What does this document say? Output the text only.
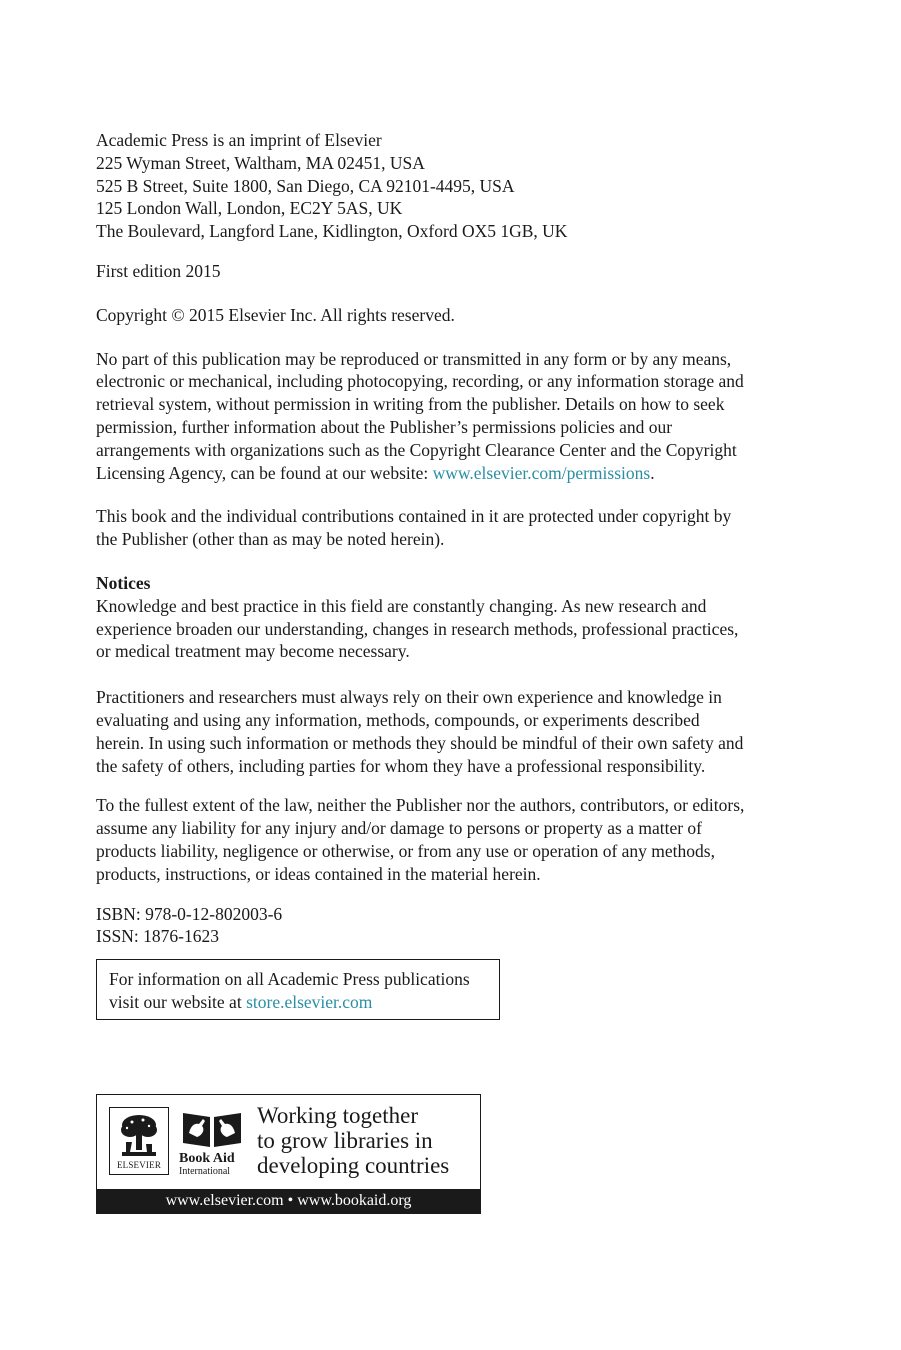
Academic Press is an imprint of Elsevier
225 Wyman Street, Waltham, MA 02451, USA
525 B Street, Suite 1800, San Diego, CA 92101-4495, USA
125 London Wall, London, EC2Y 5AS, UK
The Boulevard, Langford Lane, Kidlington, Oxford OX5 1GB, UK
First edition 2015
Copyright © 2015 Elsevier Inc. All rights reserved.
No part of this publication may be reproduced or transmitted in any form or by any means,
electronic or mechanical, including photocopying, recording, or any information storage and
retrieval system, without permission in writing from the publisher. Details on how to seek
permission, further information about the Publisher’s permissions policies and our
arrangements with organizations such as the Copyright Clearance Center and the Copyright
Licensing Agency, can be found at our website: www.elsevier.com/permissions.
This book and the individual contributions contained in it are protected under copyright by
the Publisher (other than as may be noted herein).
Notices
Knowledge and best practice in this field are constantly changing. As new research and
experience broaden our understanding, changes in research methods, professional practices,
or medical treatment may become necessary.
Practitioners and researchers must always rely on their own experience and knowledge in
evaluating and using any information, methods, compounds, or experiments described
herein. In using such information or methods they should be mindful of their own safety and
the safety of others, including parties for whom they have a professional responsibility.
To the fullest extent of the law, neither the Publisher nor the authors, contributors, or editors,
assume any liability for any injury and/or damage to persons or property as a matter of
products liability, negligence or otherwise, or from any use or operation of any methods,
products, instructions, or ideas contained in the material herein.
ISBN: 978-0-12-802003-6
ISSN: 1876-1623
For information on all Academic Press publications
visit our website at store.elsevier.com
ELSEVIER	Book Aid
International
Working together
to grow libraries in
developing countries
www.elsevier.com • www.bookaid.org
